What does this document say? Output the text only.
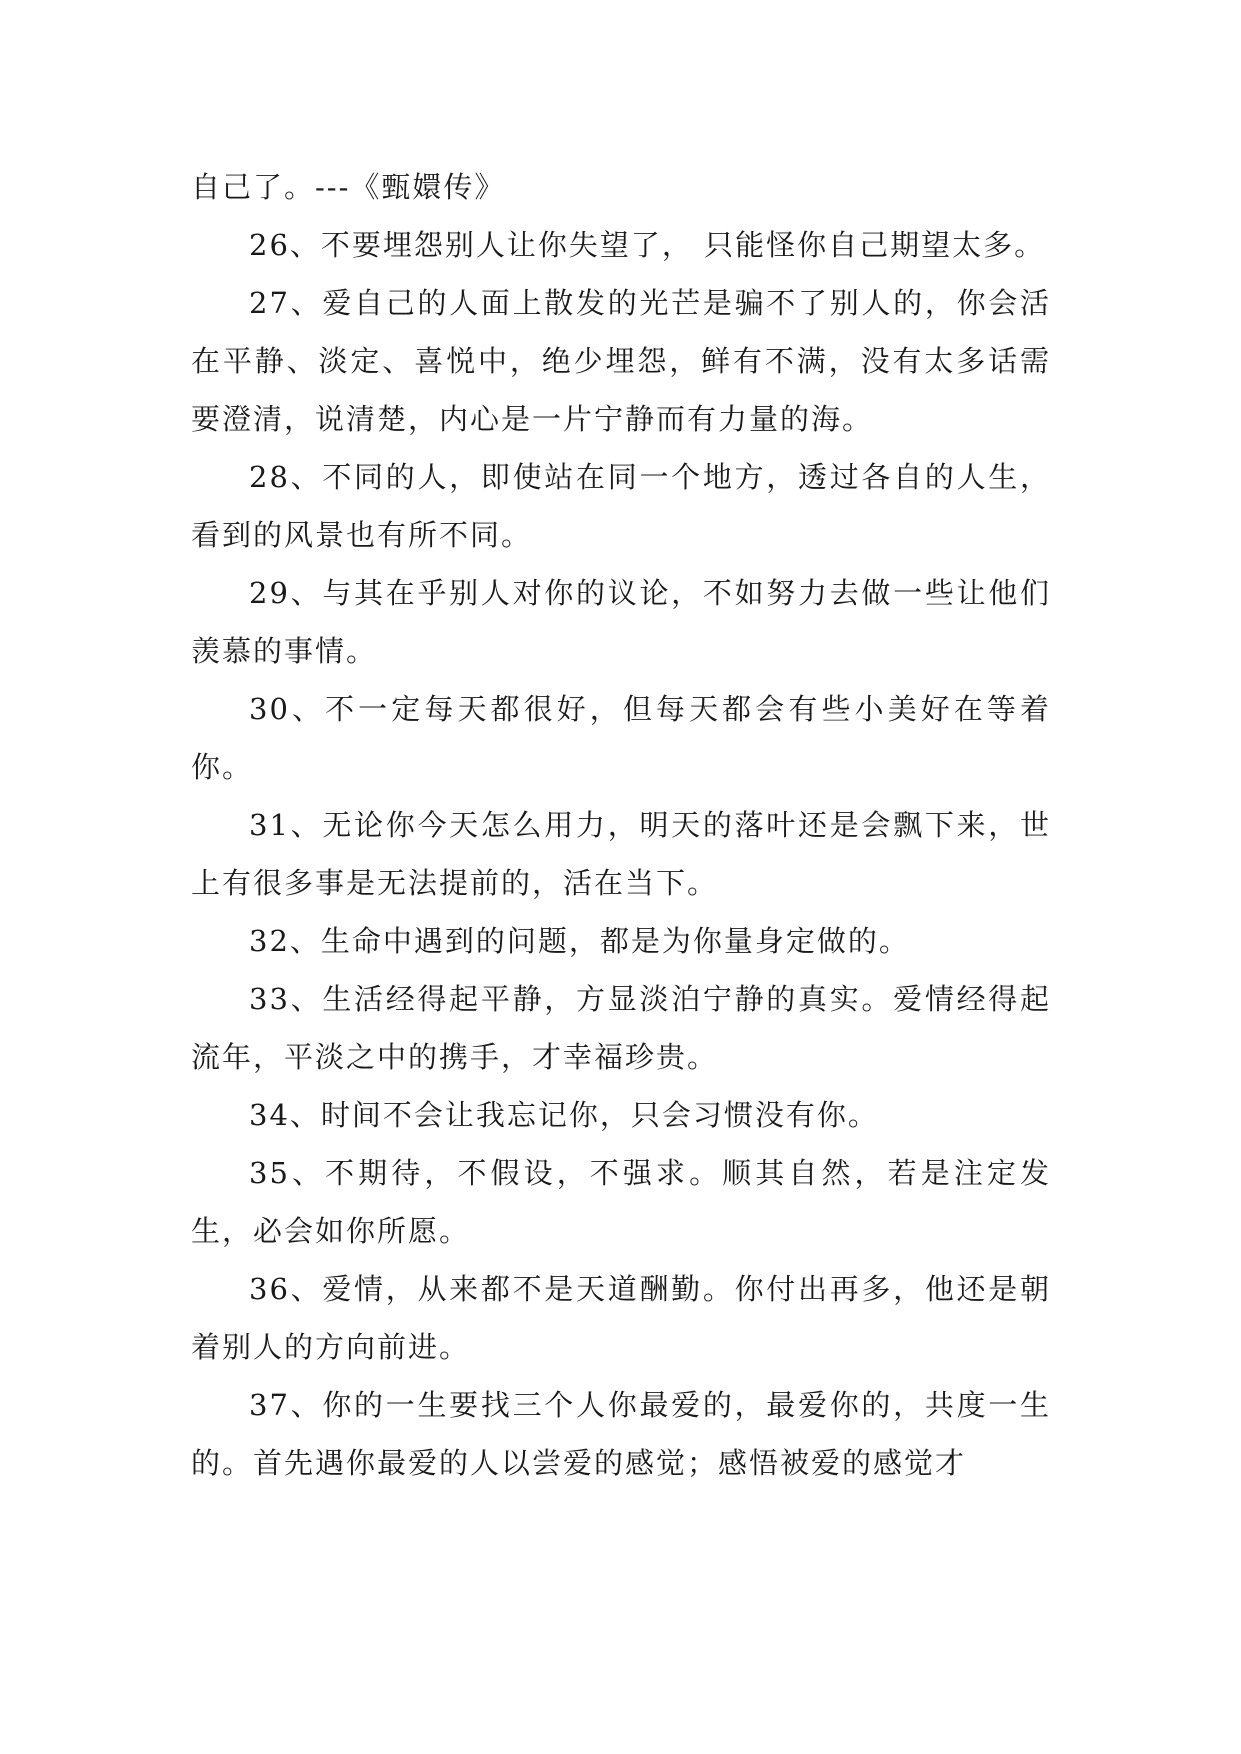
自己了。---《甄嬛传》

26、不要埋怨别人让你失望了， 只能怪你自己期望太多。

27、爱自己的人面上散发的光芒是骗不了别人的，你会活在平静、淡定、喜悦中，绝少埋怨，鲜有不满，没有太多话需要澄清，说清楚，内心是一片宁静而有力量的海。

28、不同的人，即使站在同一个地方，透过各自的人生，看到的风景也有所不同。

29、与其在乎别人对你的议论，不如努力去做一些让他们羡慕的事情。

30、不一定每天都很好，但每天都会有些小美好在等着你。

31、无论你今天怎么用力，明天的落叶还是会飘下来，世上有很多事是无法提前的，活在当下。

32、生命中遇到的问题，都是为你量身定做的。

33、生活经得起平静，方显淡泊宁静的真实。爱情经得起流年，平淡之中的携手，才幸福珍贵。

34、时间不会让我忘记你，只会习惯没有你。

35、不期待，不假设，不强求。顺其自然，若是注定发生，必会如你所愿。

36、爱情，从来都不是天道酬勤。你付出再多，他还是朝着别人的方向前进。

37、你的一生要找三个人你最爱的，最爱你的，共度一生的。首先遇你最爱的人以尝爱的感觉；感悟被爱的感觉才
